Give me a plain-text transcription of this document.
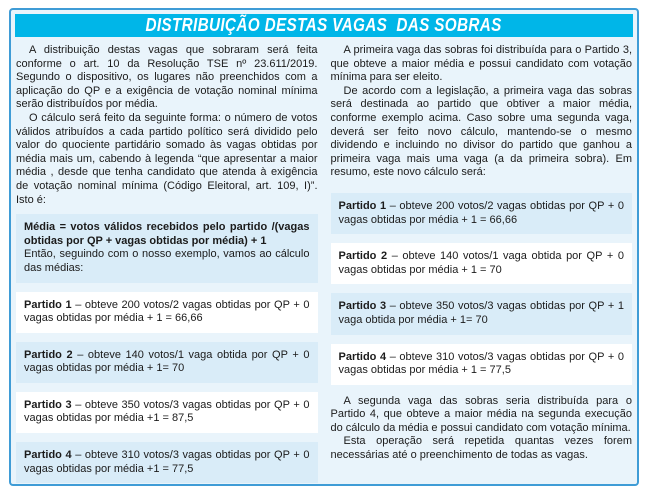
DISTRIBUIÇÃO DESTAS VAGAS  DAS SOBRAS

A distribuição destas vagas que sobraram será feita conforme o art. 10 da Resolução TSE nº 23.611/2019. Segundo o dispositivo, os lugares não preenchidos com a aplicação do QP e a exigência de votação nominal mínima serão distribuídos por média.

O cálculo será feito da seguinte forma: o número de votos válidos atribuídos a cada partido político será dividido pelo valor do quociente partidário somado às vagas obtidas por média mais um, cabendo à legenda “que apresentar a maior média , desde que tenha candidato que atenda à exigência de votação nominal mínima (Código Eleitoral, art. 109, I)”. Isto é:

Média = votos válidos recebidos pelo partido /(vagas obtidas por QP + vagas obtidas por média) + 1
Então, seguindo com o nosso exemplo, vamos ao cálculo das médias:
Partido 1 – obteve 200 votos/2 vagas obtidas por QP + 0 vagas obtidas por média + 1 = 66,66
Partido 2 – obteve 140 votos/1 vaga obtida por QP + 0 vagas obtidas por média + 1= 70
Partido 3 – obteve 350 votos/3 vagas obtidas por QP + 0 vagas obtidas por média +1 = 87,5
Partido 4 – obteve 310 votos/3 vagas obtidas por QP + 0 vagas obtidas por média +1 = 77,5

A primeira vaga das sobras foi distribuída para o Partido 3, que obteve a maior média e possui candidato com votação mínima para ser eleito.

De acordo com a legislação, a primeira vaga das sobras será destinada ao partido que obtiver a maior média, conforme exemplo acima. Caso sobre uma segunda vaga, deverá ser feito novo cálculo, mantendo-se o mesmo dividendo e incluindo no divisor do partido que ganhou a primeira vaga mais uma vaga (a da primeira sobra). Em resumo, este novo cálculo será:

Partido 1 – obteve 200 votos/2 vagas obtidas por QP + 0 vagas obtidas por média + 1 = 66,66
Partido 2 – obteve 140 votos/1 vaga obtida por QP + 0 vagas obtidas por média + 1 = 70
Partido 3 – obteve 350 votos/3 vagas obtidas por QP + 1 vaga obtida por média + 1= 70
Partido 4 – obteve 310 votos/3 vagas obtidas por QP + 0 vagas obtidas por média + 1 = 77,5

A segunda vaga das sobras seria distribuída para o Partido 4, que obteve a maior média na segunda execução do cálculo da média e possui candidato com votação mínima.

Esta operação será repetida quantas vezes forem necessárias até o preenchimento de todas as vagas.
